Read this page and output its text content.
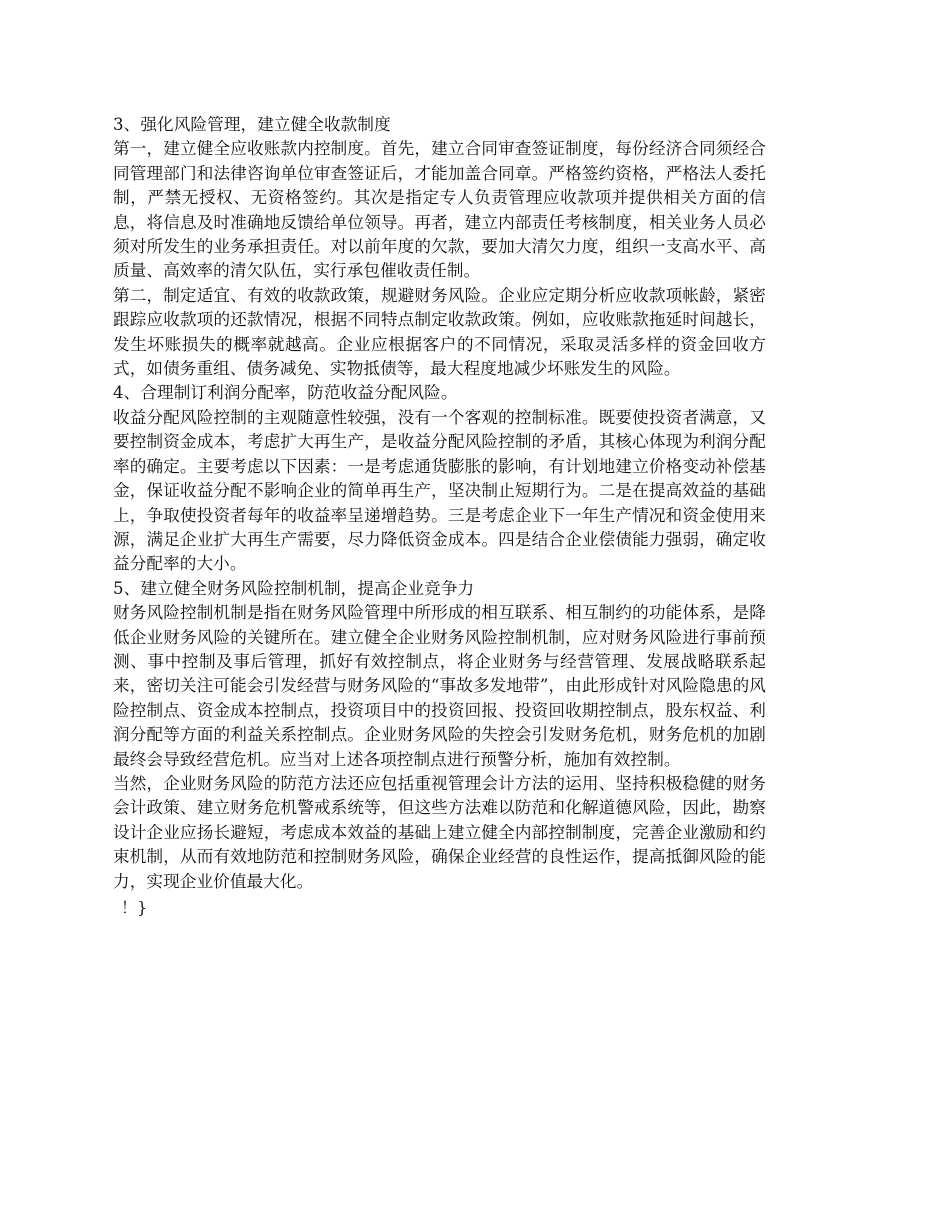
3、强化风险管理，建立健全收款制度

第一，建立健全应收账款内控制度。首先，建立合同审查签证制度，每份经济合同须经合同管理部门和法律咨询单位审查签证后，才能加盖合同章。严格签约资格，严格法人委托制，严禁无授权、无资格签约。其次是指定专人负责管理应收款项并提供相关方面的信息，将信息及时准确地反馈给单位领导。再者，建立内部责任考核制度，相关业务人员必须对所发生的业务承担责任。对以前年度的欠款，要加大清欠力度，组织一支高水平、高质量、高效率的清欠队伍，实行承包催收责任制。

第二，制定适宜、有效的收款政策，规避财务风险。企业应定期分析应收款项帐龄，紧密跟踪应收款项的还款情况，根据不同特点制定收款政策。例如，应收账款拖延时间越长，发生坏账损失的概率就越高。企业应根据客户的不同情况，采取灵活多样的资金回收方式，如债务重组、债务减免、实物抵债等，最大程度地减少坏账发生的风险。

4、合理制订利润分配率，防范收益分配风险。

收益分配风险控制的主观随意性较强，没有一个客观的控制标准。既要使投资者满意，又要控制资金成本，考虑扩大再生产，是收益分配风险控制的矛盾，其核心体现为利润分配率的确定。主要考虑以下因素：一是考虑通货膨胀的影响，有计划地建立价格变动补偿基金，保证收益分配不影响企业的简单再生产，坚决制止短期行为。二是在提高效益的基础上，争取使投资者每年的收益率呈递增趋势。三是考虑企业下一年生产情况和资金使用来源，满足企业扩大再生产需要，尽力降低资金成本。四是结合企业偿债能力强弱，确定收益分配率的大小。

5、建立健全财务风险控制机制，提高企业竞争力

财务风险控制机制是指在财务风险管理中所形成的相互联系、相互制约的功能体系，是降低企业财务风险的关键所在。建立健全企业财务风险控制机制，应对财务风险进行事前预测、事中控制及事后管理，抓好有效控制点，将企业财务与经营管理、发展战略联系起来，密切关注可能会引发经营与财务风险的“事故多发地带”，由此形成针对风险隐患的风险控制点、资金成本控制点，投资项目中的投资回报、投资回收期控制点，股东权益、利润分配等方面的利益关系控制点。企业财务风险的失控会引发财务危机，财务危机的加剧最终会导致经营危机。应当对上述各项控制点进行预警分析，施加有效控制。

当然，企业财务风险的防范方法还应包括重视管理会计方法的运用、坚持积极稳健的财务会计政策、建立财务危机警戒系统等，但这些方法难以防范和化解道德风险，因此，勘察设计企业应扬长避短，考虑成本效益的基础上建立健全内部控制制度，完善企业激励和约束机制，从而有效地防范和控制财务风险，确保企业经营的良性运作，提高抵御风险的能力，实现企业价值最大化。

！}
